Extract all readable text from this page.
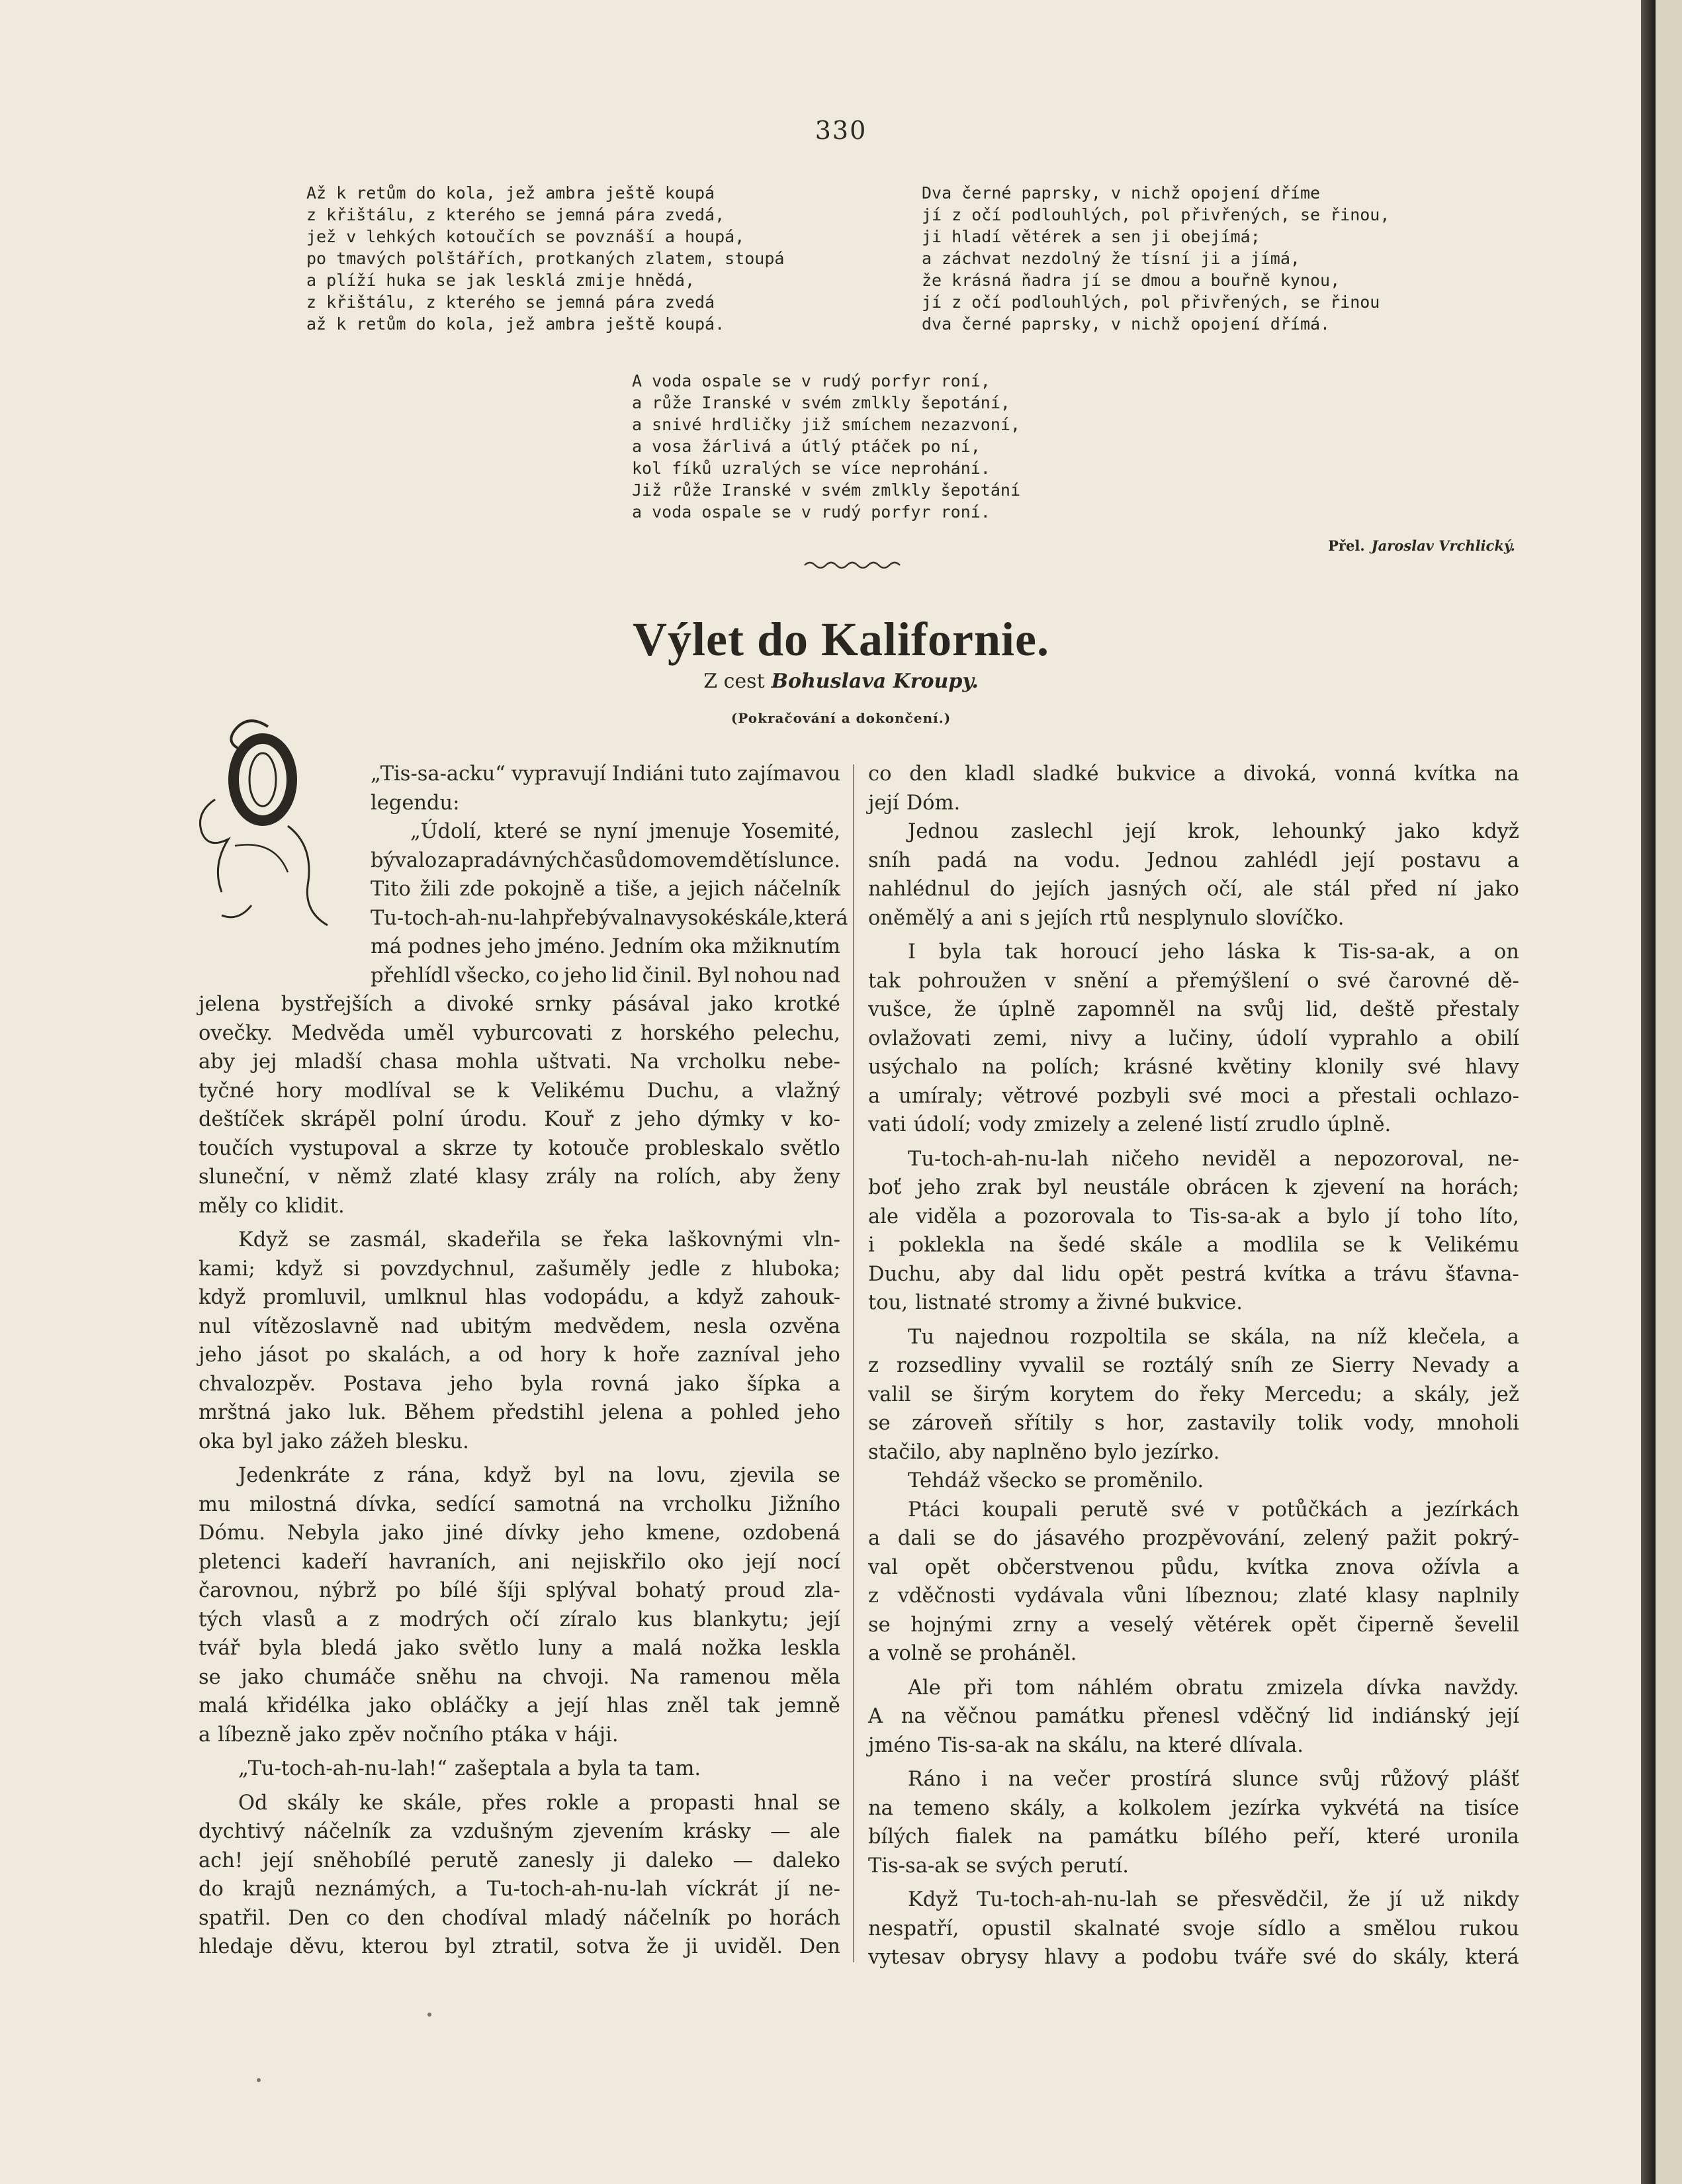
330
Až k retům do kola, jež ambra ještě koupá
z křištálu, z kterého se jemná pára zvedá,
jež v lehkých kotoučích se povznáší a houpá,
po tmavých polštářích, protkaných zlatem, stoupá
a plíží huka se jak lesklá zmije hnědá,
z křištálu, z kterého se jemná pára zvedá
až k retům do kola, jež ambra ještě koupá.
Dva černé paprsky, v nichž opojení dříme
jí z očí podlouhlých, pol přivřených, se řinou,
ji hladí větérek a sen ji obejímá;
a záchvat nezdolný že tísní ji a jímá,
že krásná ňadra jí se dmou a bouřně kynou,
jí z očí podlouhlých, pol přivřených, se řinou
dva černé paprsky, v nichž opojení dřímá.
A voda ospale se v rudý porfyr roní,
a růže Iranské v svém zmlkly šepotání,
a snivé hrdličky již smíchem nezazvoní,
a vosa žárlivá a útlý ptáček po ní,
kol fíků uzralých se více neprohání.
Již růže Iranské v svém zmlkly šepotání
a voda ospale se v rudý porfyr roní.
Přel. Jaroslav Vrchlický.
Výlet do Kalifornie.
Z cest Bohuslava Kroupy.
(Pokračování a dokončení.)
O
„Tis-sa-acku“ vypravují Indiáni tuto zajímavou
legendu:
„Údolí, které se nyní jmenuje Yosemité,
bývalo za pradávných časů domovem dětí slunce.
Tito žili zde pokojně a tiše, a jejich náčelník
Tu-toch-ah-nu-lah přebýval na vysoké skále, která
má podnes jeho jméno. Jedním oka mžiknutím
přehlídl všecko, co jeho lid činil. Byl nohou nad
jelena bystřejších a divoké srnky pásával jako krotké
ovečky. Medvěda uměl vyburcovati z horského pelechu,
aby jej mladší chasa mohla uštvati. Na vrcholku nebe-
tyčné hory modlíval se k Velikému Duchu, a vlažný
deštíček skrápěl polní úrodu. Kouř z jeho dýmky v ko-
toučích vystupoval a skrze ty kotouče probleskalo světlo
sluneční, v němž zlaté klasy zrály na rolích, aby ženy
měly co klidit.
Když se zasmál, skadeřila se řeka laškovnými vln-
kami; když si povzdychnul, zašuměly jedle z hluboka;
když promluvil, umlknul hlas vodopádu, a když zahouk-
nul vítězoslavně nad ubitým medvědem, nesla ozvěna
jeho jásot po skalách, a od hory k hoře zazníval jeho
chvalozpěv. Postava jeho byla rovná jako šípka a
mrštná jako luk. Během předstihl jelena a pohled jeho
oka byl jako zážeh blesku.
Jedenkráte z rána, když byl na lovu, zjevila se
mu milostná dívka, sedící samotná na vrcholku Jižního
Dómu. Nebyla jako jiné dívky jeho kmene, ozdobená
pletenci kadeří havraních, ani nejiskřilo oko její nocí
čarovnou, nýbrž po bílé šíji splýval bohatý proud zla-
tých vlasů a z modrých očí zíralo kus blankytu; její
tvář byla bledá jako světlo luny a malá nožka leskla
se jako chumáče sněhu na chvoji. Na ramenou měla
malá křidélka jako obláčky a její hlas zněl tak jemně
a líbezně jako zpěv nočního ptáka v háji.
„Tu-toch-ah-nu-lah!“ zašeptala a byla ta tam.
Od skály ke skále, přes rokle a propasti hnal se
dychtivý náčelník za vzdušným zjevením krásky — ale
ach! její sněhobílé perutě zanesly ji daleko — daleko
do krajů neznámých, a Tu-toch-ah-nu-lah víckrát jí ne-
spatřil. Den co den chodíval mladý náčelník po horách
hledaje děvu, kterou byl ztratil, sotva že ji uviděl. Den
co den kladl sladké bukvice a divoká, vonná kvítka na
její Dóm.
Jednou zaslechl její krok, lehounký jako když
sníh padá na vodu. Jednou zahlédl její postavu a
nahlédnul do jejích jasných očí, ale stál před ní jako
oněmělý a ani s jejích rtů nesplynulo slovíčko.
I byla tak horoucí jeho láska k Tis-sa-ak, a on
tak pohroužen v snění a přemýšlení o své čarovné dě-
vušce, že úplně zapomněl na svůj lid, deště přestaly
ovlažovati zemi, nivy a lučiny, údolí vyprahlo a obilí
usýchalo na polích; krásné květiny klonily své hlavy
a umíraly; větrové pozbyli své moci a přestali ochlazo-
vati údolí; vody zmizely a zelené listí zrudlo úplně.
Tu-toch-ah-nu-lah ničeho neviděl a nepozoroval, ne-
boť jeho zrak byl neustále obrácen k zjevení na horách;
ale viděla a pozorovala to Tis-sa-ak a bylo jí toho líto,
i poklekla na šedé skále a modlila se k Velikému
Duchu, aby dal lidu opět pestrá kvítka a trávu šťavna-
tou, listnaté stromy a živné bukvice.
Tu najednou rozpoltila se skála, na níž klečela, a
z rozsedliny vyvalil se roztálý sníh ze Sierry Nevady a
valil se širým korytem do řeky Mercedu; a skály, jež
se zároveň sřítily s hor, zastavily tolik vody, mnoholi
stačilo, aby naplněno bylo jezírko.
Tehdáž všecko se proměnilo.
Ptáci koupali perutě své v potůčkách a jezírkách
a dali se do jásavého prozpěvování, zelený pažit pokrý-
val opět občerstvenou půdu, kvítka znova ožívla a
z vděčnosti vydávala vůni líbeznou; zlaté klasy naplnily
se hojnými zrny a veselý větérek opět čiperně ševelil
a volně se proháněl.
Ale při tom náhlém obratu zmizela dívka navždy.
A na věčnou památku přenesl vděčný lid indiánský její
jméno Tis-sa-ak na skálu, na které dlívala.
Ráno i na večer prostírá slunce svůj růžový plášť
na temeno skály, a kolkolem jezírka vykvétá na tisíce
bílých fialek na památku bílého peří, které uronila
Tis-sa-ak se svých perutí.
Když Tu-toch-ah-nu-lah se přesvědčil, že jí už nikdy
nespatří, opustil skalnaté svoje sídlo a smělou rukou
vytesav obrysy hlavy a podobu tváře své do skály, která
